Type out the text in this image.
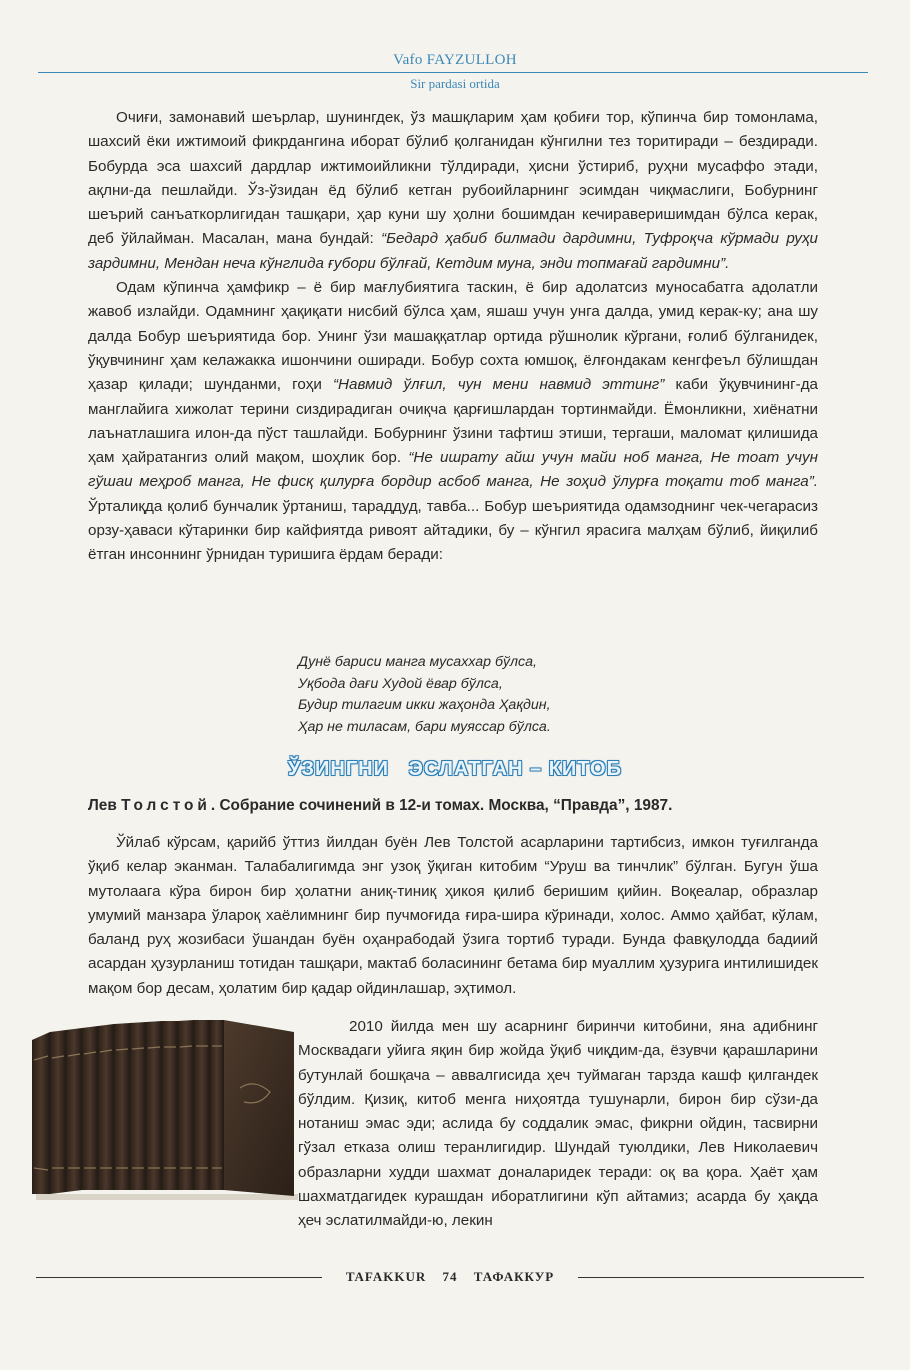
Vafo FAYZULLOH
Sir pardasi ortida

Очиғи, замонавий шеърлар, шунингдек, ўз машқларим ҳам қобиғи тор, кўпинча бир томонлама, шахсий ёки ижтимоий фикрдангина иборат бўлиб қолганидан кўнгилни тез торитиради – бездиради. Бобурда эса шахсий дардлар ижтимоийликни тўлдиради, ҳисни ўстириб, руҳни мусаффо этади, ақлни-да пешлайди. Ўз-ўзидан ёд бўлиб кетган рубоийларнинг эсимдан чиқмаслиги, Бобурнинг шеърий санъаткорлигидан ташқари, ҳар куни шу ҳолни бошимдан кечираверишимдан бўлса керак, деб ўйлайман. Масалан, мана бундай: “Бедард ҳабиб билмади дардимни, Туфроқча кўрмади руҳи зардимни, Мендан неча кўнглида ғубори бўлғай, Кетдим муна, энди топмағай гардимни”.

Одам кўпинча ҳамфикр – ё бир мағлубиятига таскин, ё бир адолатсиз муносабатга адолатли жавоб излайди. Одамнинг ҳақиқати нисбий бўлса ҳам, яшаш учун унга далда, умид керак-ку; ана шу далда Бобур шеъриятида бор. Унинг ўзи машаққатлар ортида рўшнолик кўргани, ғолиб бўлганидек, ўқувчининг ҳам келажакка ишончини оширади. Бобур сохта юмшоқ, ёлғондакам кенгфеъл бўлишдан ҳазар қилади; шунданми, гоҳи “Навмид ўлғил, чун мени навмид эттинг” каби ўқувчининг-да манглайига хижолат терини сиздирадиган очиқча қарғишлардан тортинмайди. Ёмонликни, хиёнатни лаънатлашига илон-да пўст ташлайди. Бобурнинг ўзини тафтиш этиши, тергаши, маломат қилишида ҳам ҳайратангиз олий мақом, шоҳлик бор. “Не ишрату айш учун майи ноб манга, Не тоат учун гўшаи меҳроб манга, Не фисқ қилурға бордир асбоб манга, Не зоҳид ўлурға тоқати тоб манга”. Ўрталиқда қолиб бунчалик ўртаниш, тараддуд, тавба... Бобур шеъриятида одамзоднинг чек-чегарасиз орзу-ҳаваси кўтаринки бир кайфиятда ривоят айтадики, бу – кўнгил ярасига малҳам бўлиб, йиқилиб ётган инсоннинг ўрнидан туришига ёрдам беради:

Дунё бариси манга мусаххар бўлса,
Уқбода дағи Худой ёвар бўлса,
Будир тилагим икки жаҳонда Ҳақдин,
Ҳар не тиласам, бари муяссар бўлса.
ЎЗИНГНИ   ЭСЛАТГАН – КИТОБ
Лев Толстой. Собрание сочинений в 12-и томах. Москва, “Правда”, 1987.

Ўйлаб кўрсам, қарийб ўттиз йилдан буён Лев Толстой асарларини тартибсиз, имкон туғилганда ўқиб келар эканман. Талабалигимда энг узоқ ўқиган китобим “Уруш ва тинчлик” бўлган. Бугун ўша мутолаага кўра бирон бир ҳолатни аниқ-тиниқ ҳикоя қилиб беришим қийин. Воқеалар, образлар умумий манзара ўлароқ хаёлимнинг бир пучмоғида ғира-шира кўринади, холос. Аммо ҳайбат, кўлам, баланд руҳ жозибаси ўшандан буён оҳанрабодай ўзига тортиб туради. Бунда фавқулодда бадиий асардан ҳузурланиш тотидан ташқари, мактаб боласининг бетама бир муаллим ҳузурига интилишидек мақом бор десам, ҳолатим бир қадар ойдинлашар, эҳтимол.

2010 йилда мен шу асарнинг биринчи китобини, яна адибнинг Москвадаги уйига яқин бир жойда ўқиб чиқдим-да, ёзувчи қарашларини бутунлай бошқача – аввалгисида ҳеч туймаган тарзда кашф қилгандек бўлдим. Қизиқ, китоб менга ниҳоятда тушунарли, бирон бир сўзи-да нотаниш эмас эди; аслида бу соддалик эмас, фикрни ойдин, тасвирни гўзал етказа олиш теранлигидир. Шундай туюлдики, Лев Николаевич образларни худди шахмат доналаридек теради: оқ ва қора. Ҳаёт ҳам шахматдагидек курашдан иборатлигини кўп айтамиз; асарда бу ҳақда ҳеч эслатилмайди-ю, лекин
TAFAKKUR 74 ТАФАККУР
